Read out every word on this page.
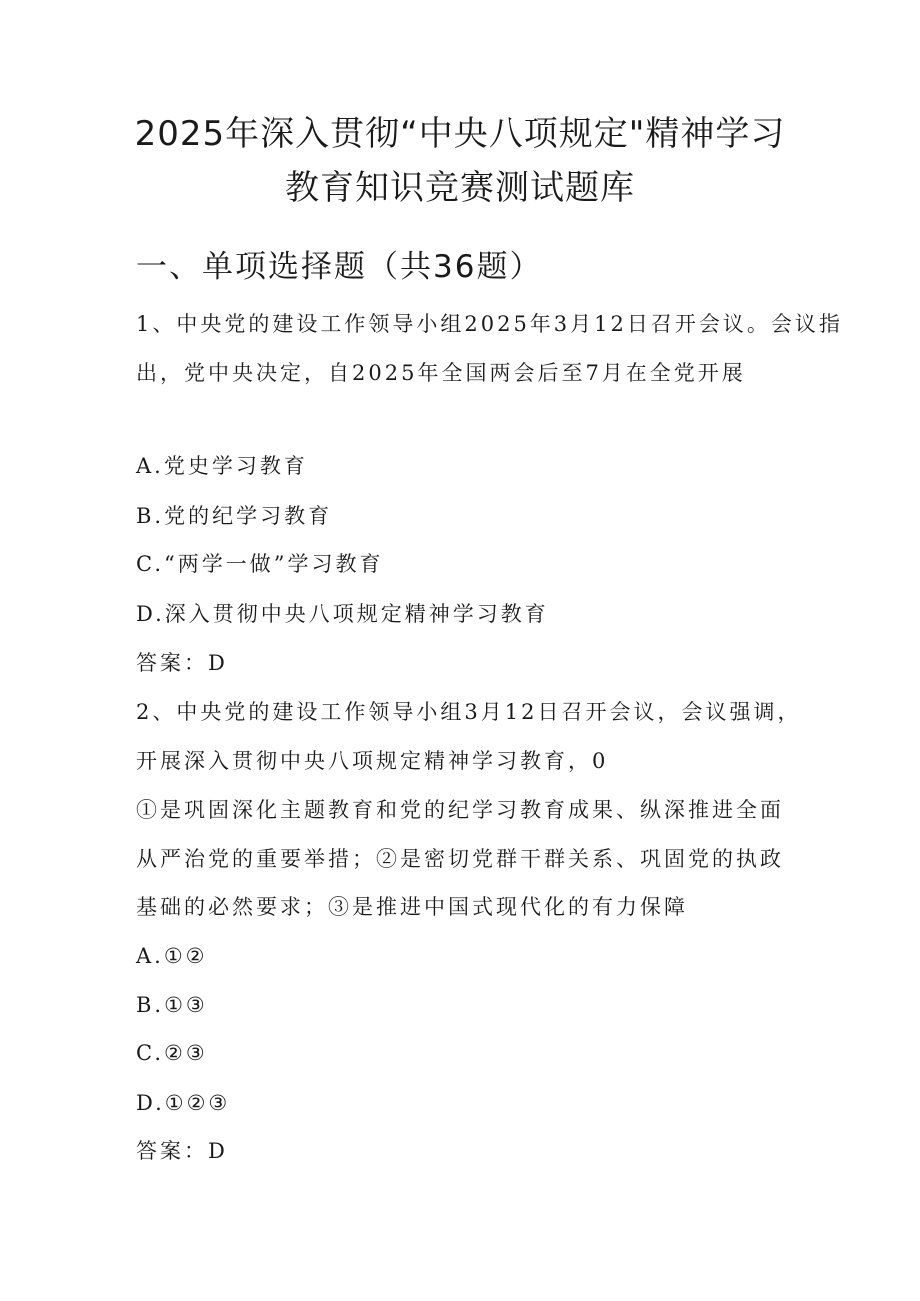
2025年深入贯彻“中央八项规定"精神学习
教育知识竞赛测试题库
一、单项选择题（共36题）
1、中央党的建设工作领导小组2025年3月12日召开会议。会议指
出，党中央决定，自2025年全国两会后至7月在全党开展
A.党史学习教育
B.党的纪学习教育
C.“两学一做”学习教育
D.深入贯彻中央八项规定精神学习教育
答案：D
2、中央党的建设工作领导小组3月12日召开会议，会议强调，
开展深入贯彻中央八项规定精神学习教育，0
①是巩固深化主题教育和党的纪学习教育成果、纵深推进全面
从严治党的重要举措；②是密切党群干群关系、巩固党的执政
基础的必然要求；③是推进中国式现代化的有力保障
A.①②
B.①③
C.②③
D.①②③
答案：D
